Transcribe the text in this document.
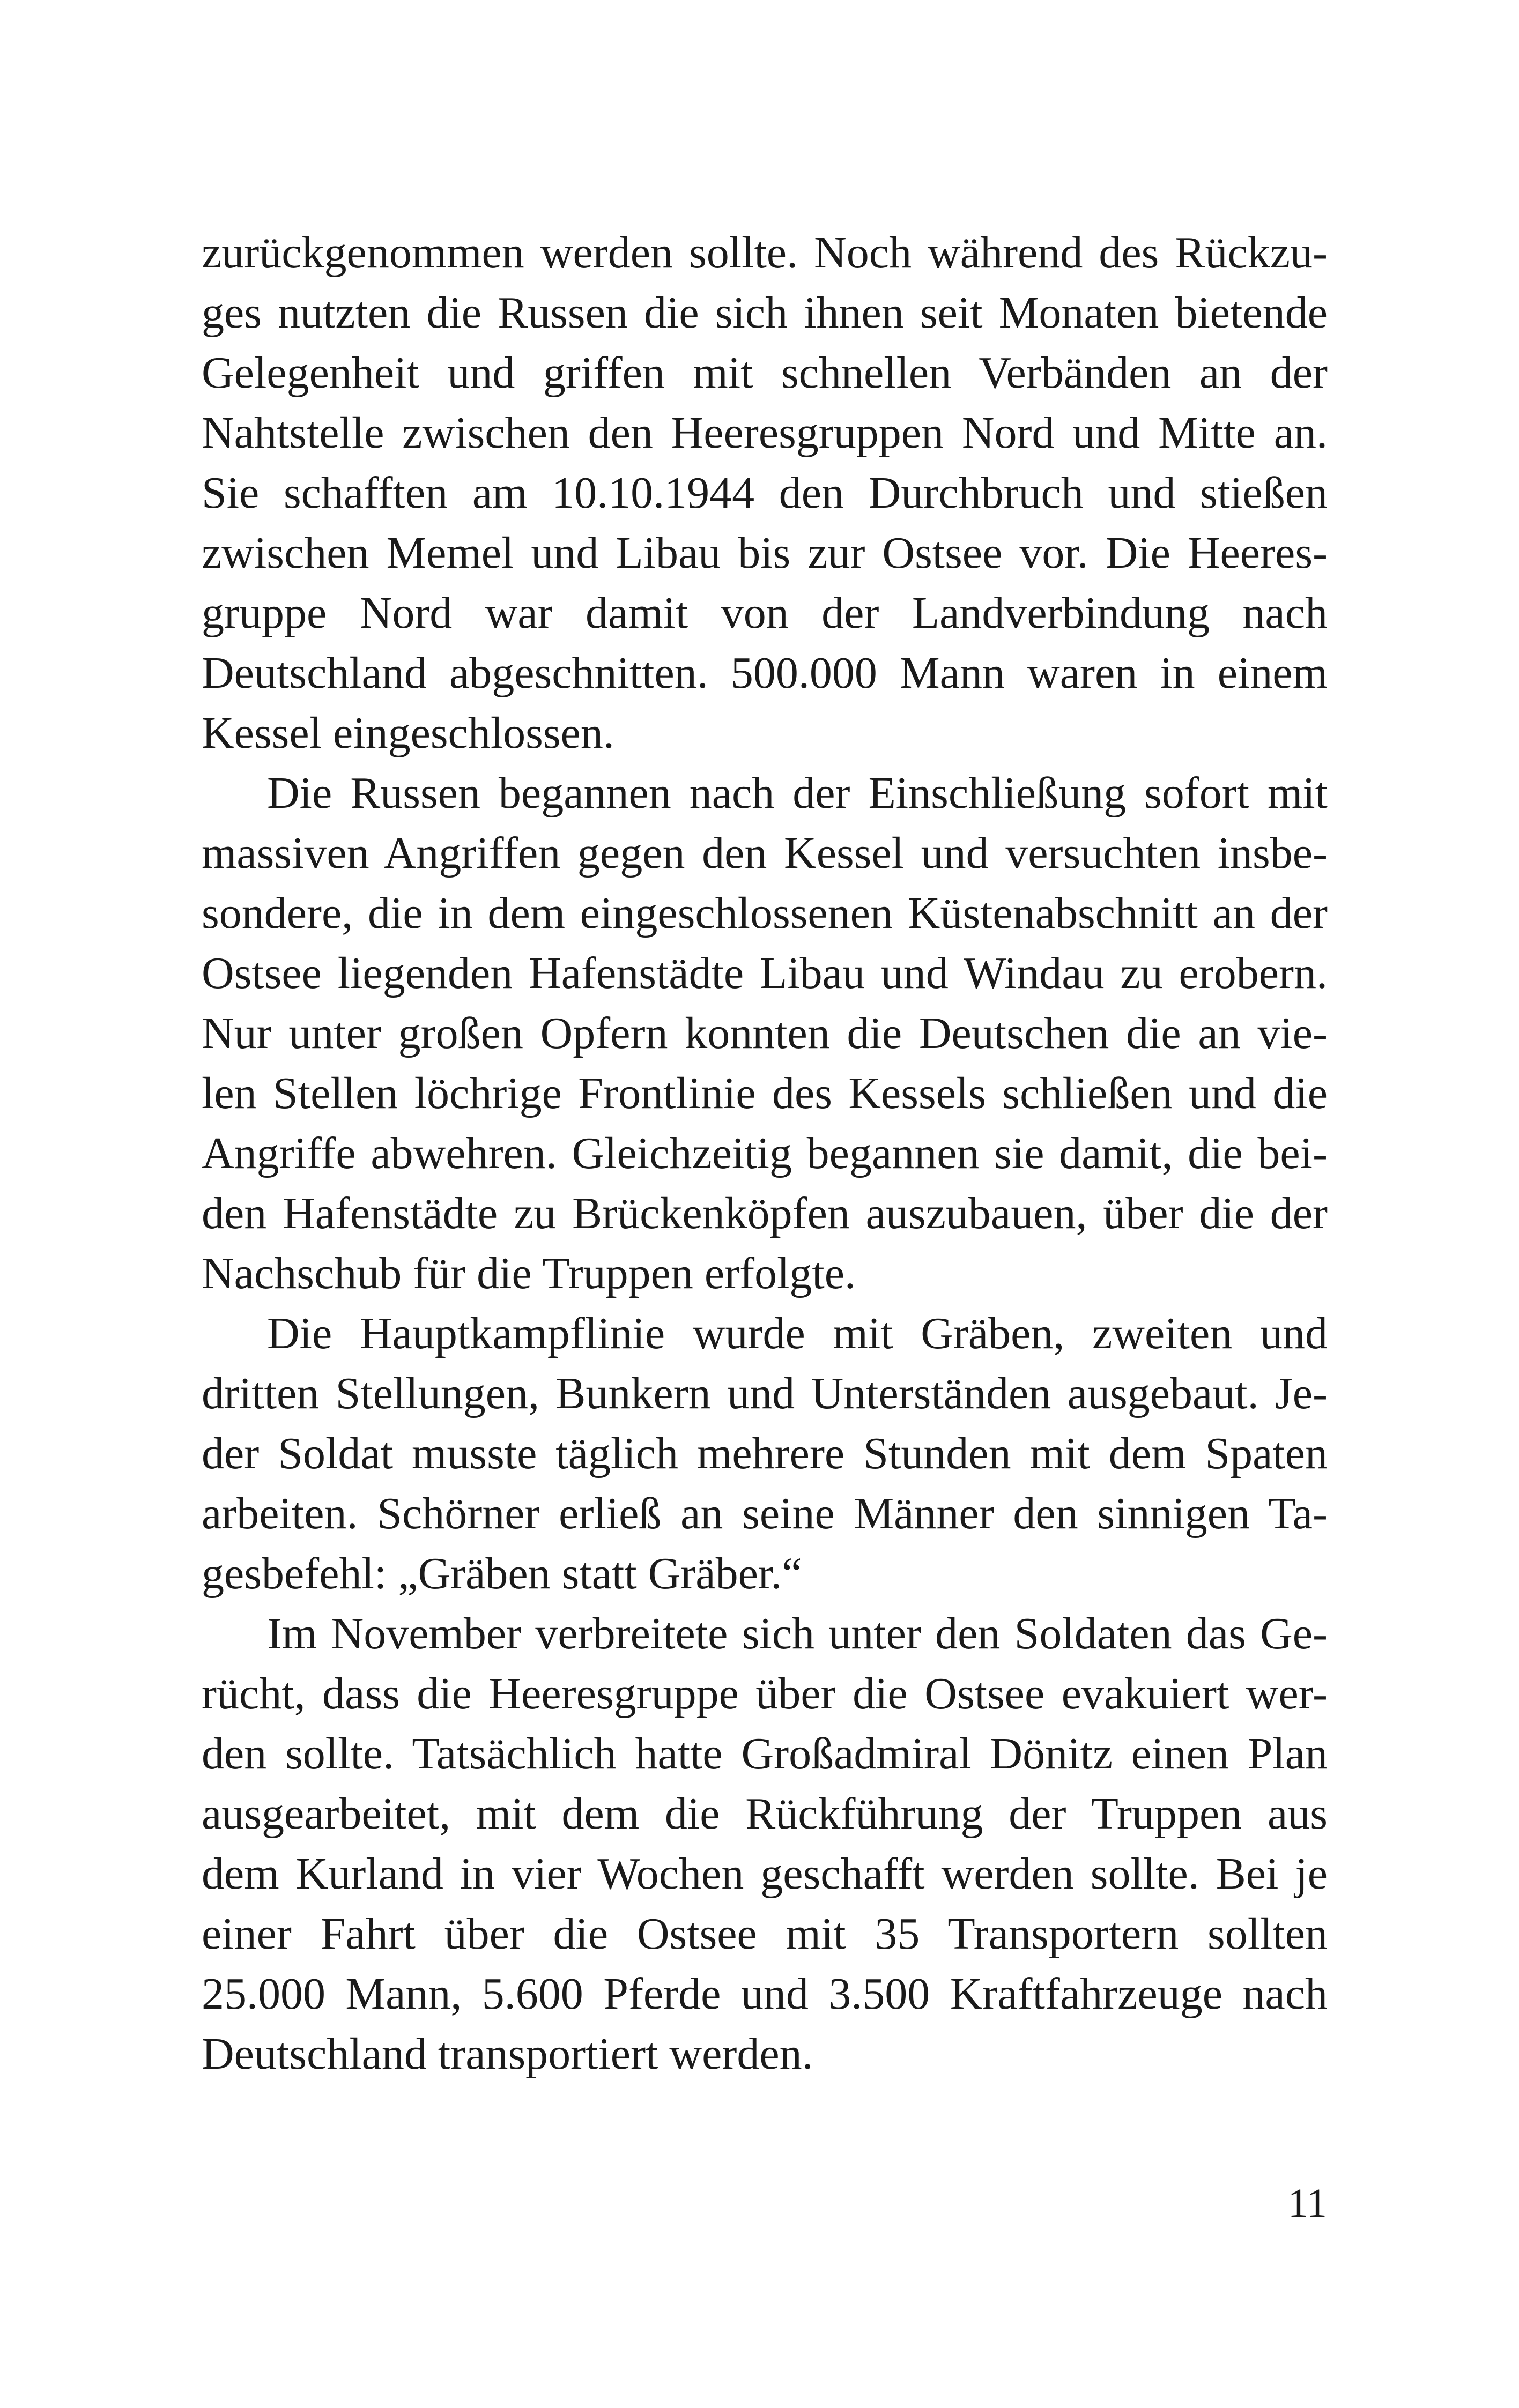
zurückgenommen werden sollte. Noch während des Rückzu-
ges nutzten die Russen die sich ihnen seit Monaten bietende
Gelegenheit und griffen mit schnellen Verbänden an der
Nahtstelle zwischen den Heeresgruppen Nord und Mitte an.
Sie schafften am 10.10.1944 den Durchbruch und stießen
zwischen Memel und Libau bis zur Ostsee vor. Die Heeres-
gruppe Nord war damit von der Landverbindung nach
Deutschland abgeschnitten. 500.000 Mann waren in einem
Kessel eingeschlossen.
Die Russen begannen nach der Einschließung sofort mit
massiven Angriffen gegen den Kessel und versuchten insbe-
sondere, die in dem eingeschlossenen Küstenabschnitt an der
Ostsee liegenden Hafenstädte Libau und Windau zu erobern.
Nur unter großen Opfern konnten die Deutschen die an vie-
len Stellen löchrige Frontlinie des Kessels schließen und die
Angriffe abwehren. Gleichzeitig begannen sie damit, die bei-
den Hafenstädte zu Brückenköpfen auszubauen, über die der
Nachschub für die Truppen erfolgte.
Die Hauptkampflinie wurde mit Gräben, zweiten und
dritten Stellungen, Bunkern und Unterständen ausgebaut. Je-
der Soldat musste täglich mehrere Stunden mit dem Spaten
arbeiten. Schörner erließ an seine Männer den sinnigen Ta-
gesbefehl: „Gräben statt Gräber.“
Im November verbreitete sich unter den Soldaten das Ge-
rücht, dass die Heeresgruppe über die Ostsee evakuiert wer-
den sollte. Tatsächlich hatte Großadmiral Dönitz einen Plan
ausgearbeitet, mit dem die Rückführung der Truppen aus
dem Kurland in vier Wochen geschafft werden sollte. Bei je
einer Fahrt über die Ostsee mit 35 Transportern sollten
25.000 Mann, 5.600 Pferde und 3.500 Kraftfahrzeuge nach
Deutschland transportiert werden.
11
